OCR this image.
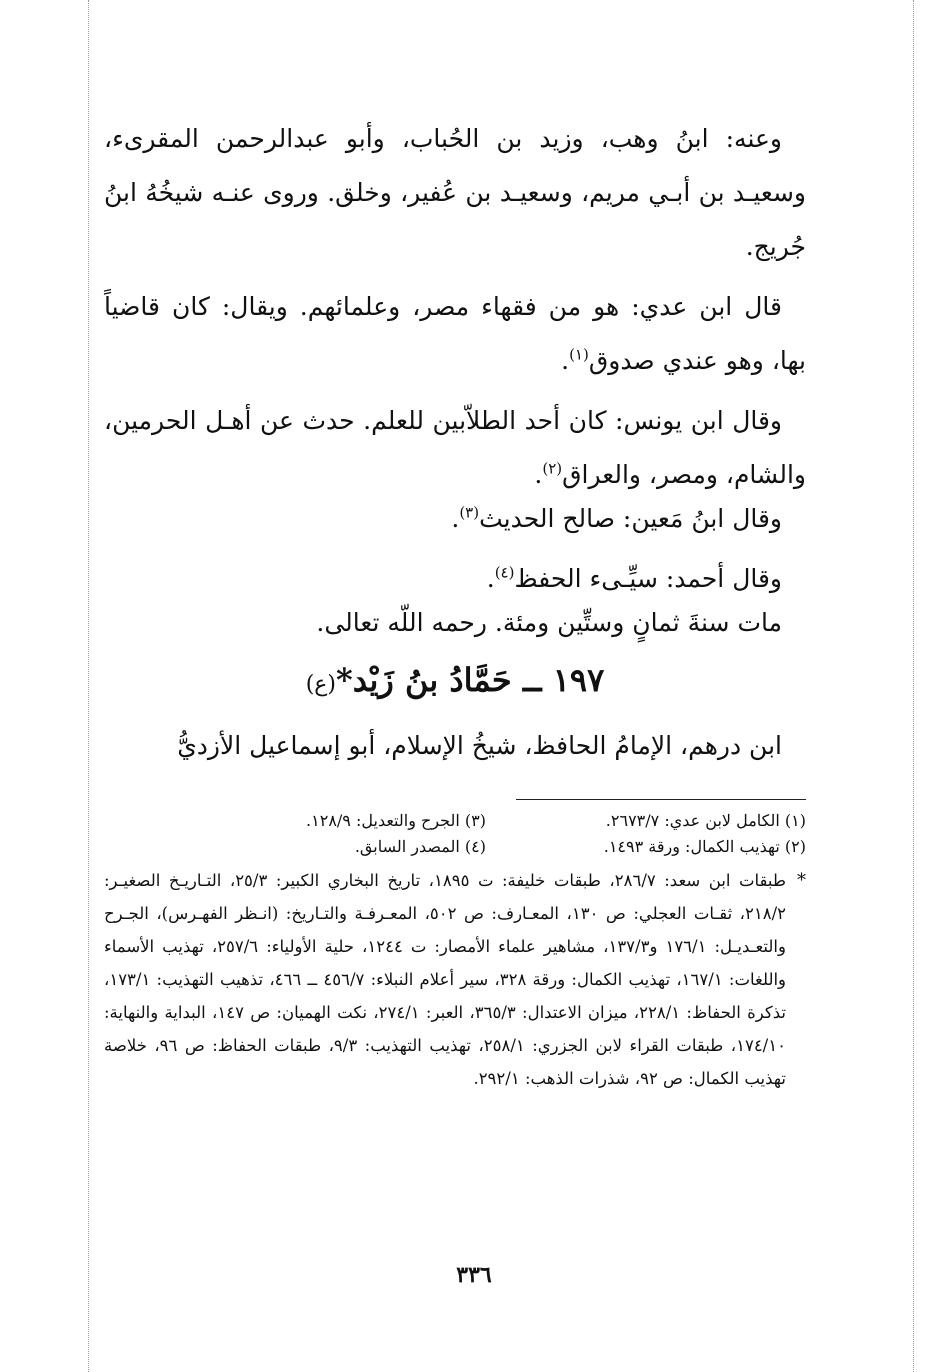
وعنه: ابنُ وهب، وزيد بن الحُباب، وأبو عبدالرحمن المقرىء، وسعيـد بن أبـي مريم، وسعيـد بن عُفير، وخلق. وروى عنـه شيخُهُ ابنُ جُريج.

قال ابن عدي: هو من فقهاء مصر، وعلمائهم. ويقال: كان قاضياً بها، وهو عندي صدوق$^{(١)}$.

وقال ابن يونس: كان أحد الطلاّبين للعلم. حدث عن أهـل الحرمين، والشام، ومصر، والعراق$^{(٢)}$.

وقال ابنُ مَعين: صالح الحديث$^{(٣)}$.

وقال أحمد: سيِّـىء الحفظ$^{(٤)}$.

مات سنةَ ثمانٍ وستِّين ومئة. رحمه اللّه تعالى.

١٩٧ ــ حَمَّادُ بنُ زَيْد*(ع)

ابن درهم، الإمامُ الحافظ، شيخُ الإسلام، أبو إسماعيل الأزديُّ

(١) الكامل لابن عدي: ٢٦٧٣/٧.
(٣) الجرح والتعديل: ١٢٨/٩.
(٢) تهذيب الكمال: ورقة ١٤٩٣.
(٤) المصدر السابق.
*
طبقات ابن سعد: ٢٨٦/٧، طبقات خليفة: ت ١٨٩٥، تاريخ البخاري الكبير: ٢٥/٣، التـاريـخ الصغيـر: ٢١٨/٢، ثقـات العجلي: ص ١٣٠، المعـارف: ص ٥٠٢، المعـرفـة والتـاريخ: (انـظر الفهـرس)، الجـرح والتعـديـل: ١٧٦/١ و١٣٧/٣، مشاهير علماء الأمصار: ت ١٢٤٤، حلية الأولياء: ٢٥٧/٦، تهذيب الأسماء واللغات: ١٦٧/١، تهذيب الكمال: ورقة ٣٢٨، سير أعلام النبلاء: ٤٥٦/٧ ــ ٤٦٦، تذهيب التهذيب: ١٧٣/١، تذكرة الحفاظ: ٢٢٨/١، ميزان الاعتدال: ٣٦٥/٣، العبر: ٢٧٤/١، نكت الهميان: ص ١٤٧، البداية والنهاية: ١٧٤/١٠، طبقات القراء لابن الجزري: ٢٥٨/١، تهذيب التهذيب: ٩/٣، طبقات الحفاظ: ص ٩٦، خلاصة تهذيب الكمال: ص ٩٢، شذرات الذهب: ٢٩٢/١.
٣٣٦
